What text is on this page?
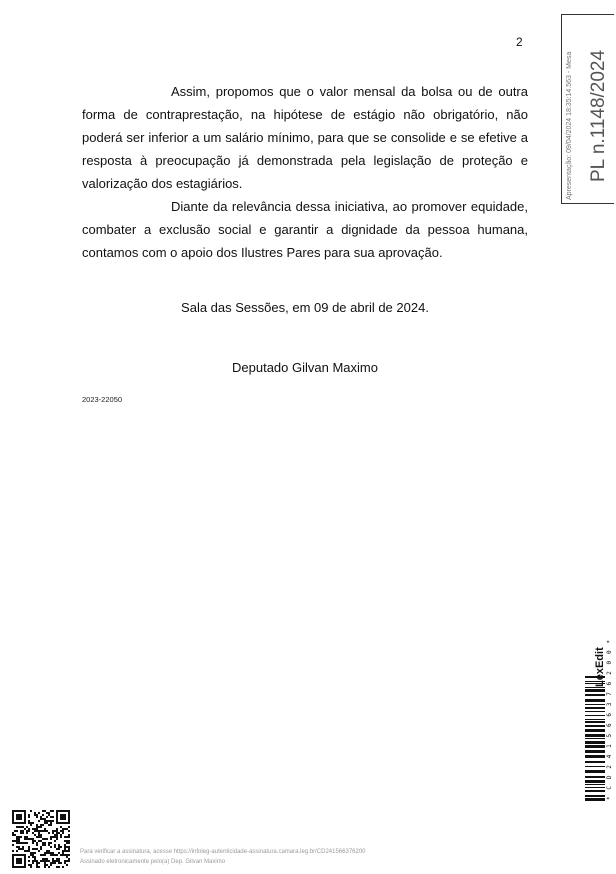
2
Apresentação: 09/04/2024 18:35:14.563 - Mesa PL n.1148/2024

Assim, propomos que o valor mensal da bolsa ou de outra forma de contraprestação, na hipótese de estágio não obrigatório, não poderá ser inferior a um salário mínimo, para que se consolide e se efetive a resposta à preocupação já demonstrada pela legislação de proteção e valorização dos estagiários.

Diante da relevância dessa iniciativa, ao promover equidade, combater a exclusão social e garantir a dignidade da pessoa humana, contamos com o apoio dos Ilustres Pares para sua aprovação.

Sala das Sessões, em 09 de abril de 2024.
Deputado Gilvan Maximo
2023-22050
Para verificar a assinatura, acesse https://infoleg-autenticidade-assinatura.camara.leg.br/CD241566376200
Assinado eletronicamente pelo(a) Dep. Gilvan Maximo
LexEdit * C D 2 4 1 5 6 6 3 7 6 2 0 0 *
